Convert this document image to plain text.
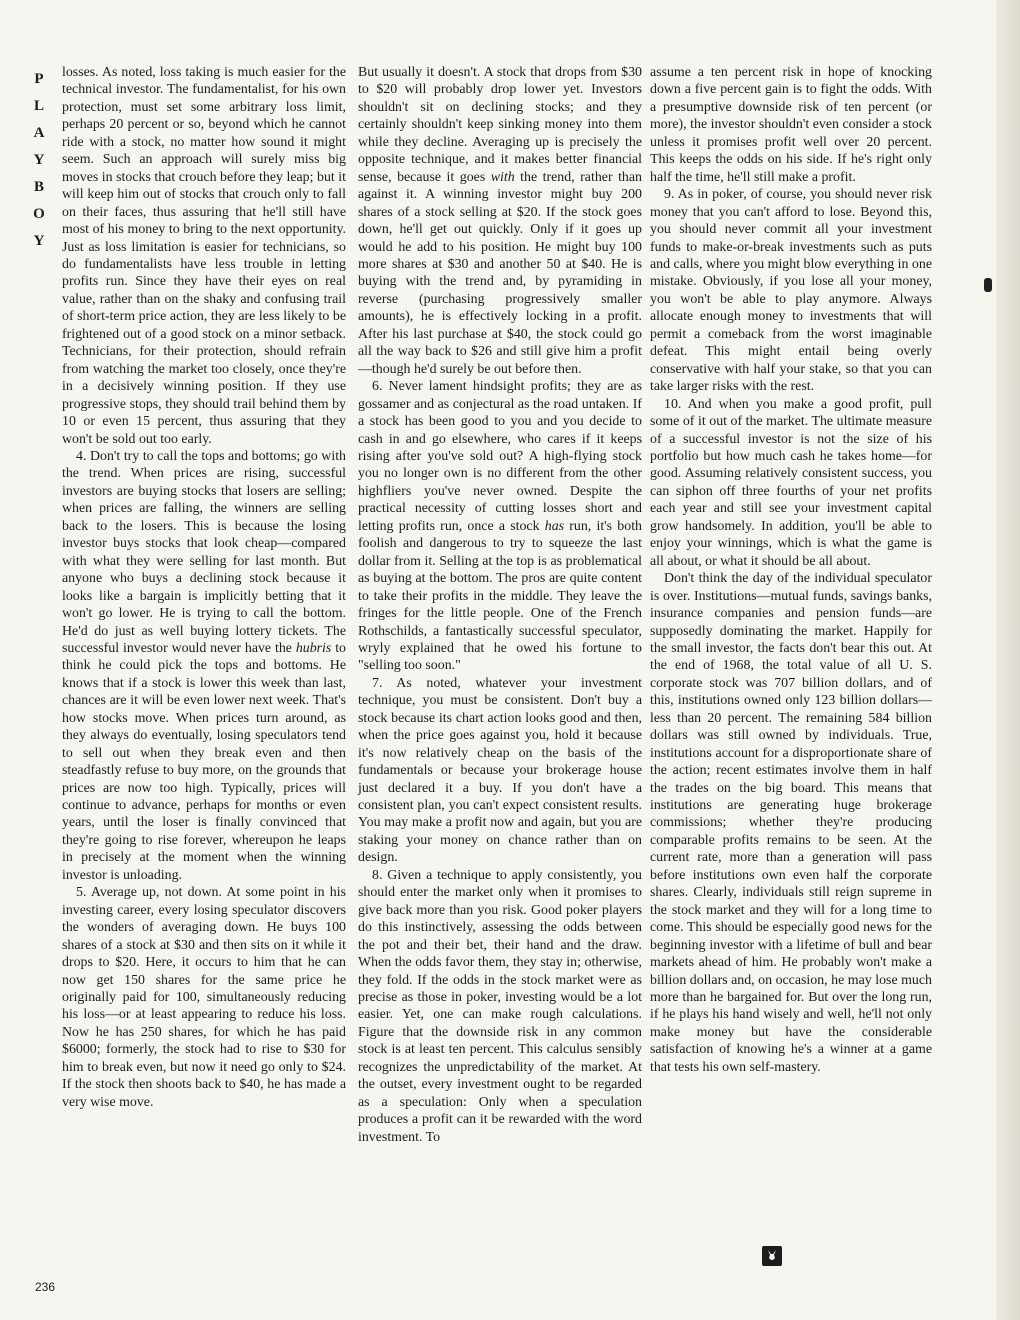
P
L
A
Y
B
O
Y

losses. As noted, loss taking is much easier for the technical investor. The fundamentalist, for his own protection, must set some arbitrary loss limit, perhaps 20 percent or so, beyond which he cannot ride with a stock, no matter how sound it might seem. Such an approach will surely miss big moves in stocks that crouch before they leap; but it will keep him out of stocks that crouch only to fall on their faces, thus assuring that he'll still have most of his money to bring to the next opportunity. Just as loss limitation is easier for technicians, so do fundamentalists have less trouble in letting profits run. Since they have their eyes on real value, rather than on the shaky and confusing trail of short-term price action, they are less likely to be frightened out of a good stock on a minor setback. Technicians, for their protection, should refrain from watching the market too closely, once they're in a decisively winning position. If they use progressive stops, they should trail behind them by 10 or even 15 percent, thus assuring that they won't be sold out too early.

4. Don't try to call the tops and bottoms; go with the trend. When prices are rising, successful investors are buying stocks that losers are selling; when prices are falling, the winners are selling back to the losers. This is because the losing investor buys stocks that look cheap—compared with what they were selling for last month. But anyone who buys a declining stock because it looks like a bargain is implicitly betting that it won't go lower. He is trying to call the bottom. He'd do just as well buying lottery tickets. The successful investor would never have the hubris to think he could pick the tops and bottoms. He knows that if a stock is lower this week than last, chances are it will be even lower next week. That's how stocks move. When prices turn around, as they always do eventually, losing speculators tend to sell out when they break even and then steadfastly refuse to buy more, on the grounds that prices are now too high. Typically, prices will continue to advance, perhaps for months or even years, until the loser is finally convinced that they're going to rise forever, whereupon he leaps in precisely at the moment when the winning investor is unloading.

5. Average up, not down. At some point in his investing career, every losing speculator discovers the wonders of averaging down. He buys 100 shares of a stock at $30 and then sits on it while it drops to $20. Here, it occurs to him that he can now get 150 shares for the same price he originally paid for 100, simultaneously reducing his loss—or at least appearing to reduce his loss. Now he has 250 shares, for which he has paid $6000; formerly, the stock had to rise to $30 for him to break even, but now it need go only to $24. If the stock then shoots back to $40, he has made a very wise move.

But usually it doesn't. A stock that drops from $30 to $20 will probably drop lower yet. Investors shouldn't sit on declining stocks; and they certainly shouldn't keep sinking money into them while they decline. Averaging up is precisely the opposite technique, and it makes better financial sense, because it goes with the trend, rather than against it. A winning investor might buy 200 shares of a stock selling at $20. If the stock goes down, he'll get out quickly. Only if it goes up would he add to his position. He might buy 100 more shares at $30 and another 50 at $40. He is buying with the trend and, by pyramiding in reverse (purchasing progressively smaller amounts), he is effectively locking in a profit. After his last purchase at $40, the stock could go all the way back to $26 and still give him a profit—though he'd surely be out before then.

6. Never lament hindsight profits; they are as gossamer and as conjectural as the road untaken. If a stock has been good to you and you decide to cash in and go elsewhere, who cares if it keeps rising after you've sold out? A high-flying stock you no longer own is no different from the other highfliers you've never owned. Despite the practical necessity of cutting losses short and letting profits run, once a stock has run, it's both foolish and dangerous to try to squeeze the last dollar from it. Selling at the top is as problematical as buying at the bottom. The pros are quite content to take their profits in the middle. They leave the fringes for the little people. One of the French Rothschilds, a fantastically successful speculator, wryly explained that he owed his fortune to "selling too soon."

7. As noted, whatever your investment technique, you must be consistent. Don't buy a stock because its chart action looks good and then, when the price goes against you, hold it because it's now relatively cheap on the basis of the fundamentals or because your brokerage house just declared it a buy. If you don't have a consistent plan, you can't expect consistent results. You may make a profit now and again, but you are staking your money on chance rather than on design.

8. Given a technique to apply consistently, you should enter the market only when it promises to give back more than you risk. Good poker players do this instinctively, assessing the odds between the pot and their bet, their hand and the draw. When the odds favor them, they stay in; otherwise, they fold. If the odds in the stock market were as precise as those in poker, investing would be a lot easier. Yet, one can make rough calculations. Figure that the downside risk in any common stock is at least ten percent. This calculus sensibly recognizes the unpredictability of the market. At the outset, every investment ought to be regarded as a speculation: Only when a speculation produces a profit can it be rewarded with the word investment. To

assume a ten percent risk in hope of knocking down a five percent gain is to fight the odds. With a presumptive downside risk of ten percent (or more), the investor shouldn't even consider a stock unless it promises profit well over 20 percent. This keeps the odds on his side. If he's right only half the time, he'll still make a profit.

9. As in poker, of course, you should never risk money that you can't afford to lose. Beyond this, you should never commit all your investment funds to make-or-break investments such as puts and calls, where you might blow everything in one mistake. Obviously, if you lose all your money, you won't be able to play anymore. Always allocate enough money to investments that will permit a comeback from the worst imaginable defeat. This might entail being overly conservative with half your stake, so that you can take larger risks with the rest.

10. And when you make a good profit, pull some of it out of the market. The ultimate measure of a successful investor is not the size of his portfolio but how much cash he takes home—for good. Assuming relatively consistent success, you can siphon off three fourths of your net profits each year and still see your investment capital grow handsomely. In addition, you'll be able to enjoy your winnings, which is what the game is all about, or what it should be all about.

Don't think the day of the individual speculator is over. Institutions—mutual funds, savings banks, insurance companies and pension funds—are supposedly dominating the market. Happily for the small investor, the facts don't bear this out. At the end of 1968, the total value of all U. S. corporate stock was 707 billion dollars, and of this, institutions owned only 123 billion dollars—less than 20 percent. The remaining 584 billion dollars was still owned by individuals. True, institutions account for a disproportionate share of the action; recent estimates involve them in half the trades on the big board. This means that institutions are generating huge brokerage commissions; whether they're producing comparable profits remains to be seen. At the current rate, more than a generation will pass before institutions own even half the corporate shares. Clearly, individuals still reign supreme in the stock market and they will for a long time to come. This should be especially good news for the beginning investor with a lifetime of bull and bear markets ahead of him. He probably won't make a billion dollars and, on occasion, he may lose much more than he bargained for. But over the long run, if he plays his hand wisely and well, he'll not only make money but have the considerable satisfaction of knowing he's a winner at a game that tests his own self-mastery.

236
